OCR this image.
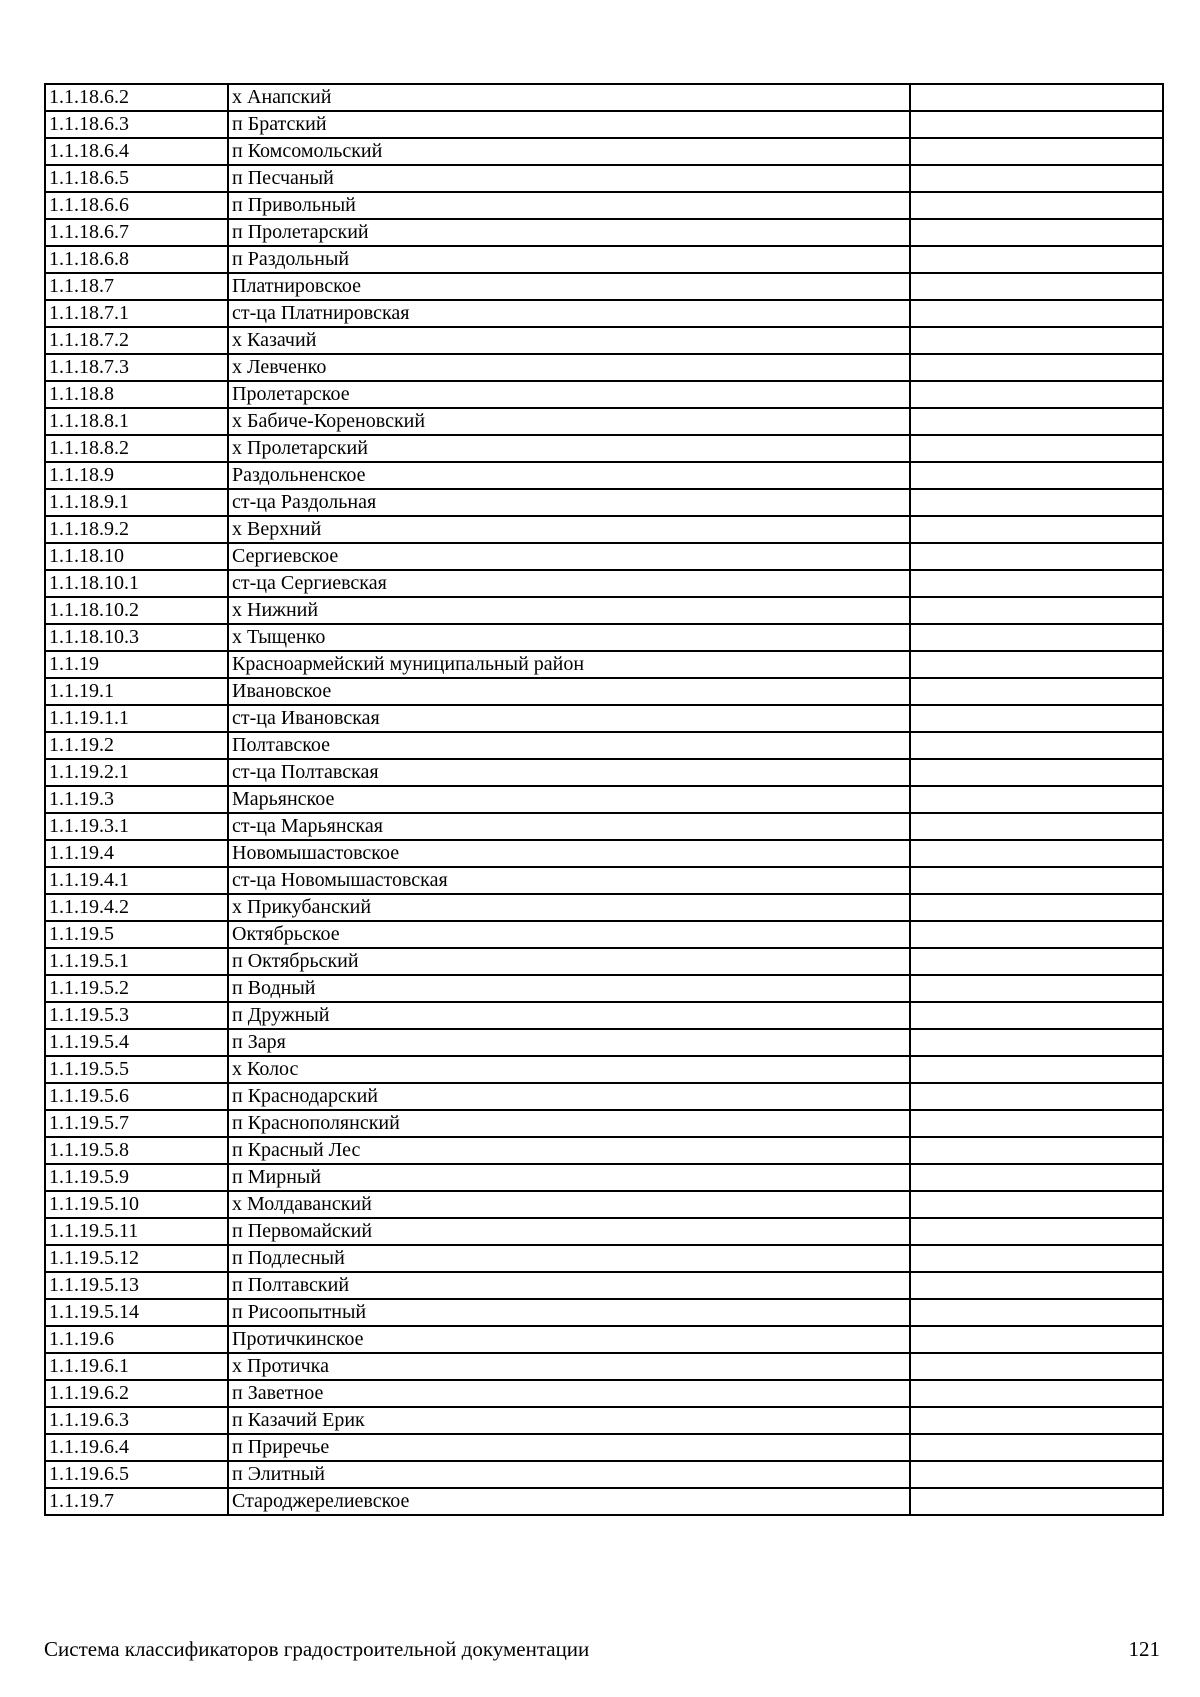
1.1.18.6.2	х Анапский	
1.1.18.6.3	п Братский	
1.1.18.6.4	п Комсомольский	
1.1.18.6.5	п Песчаный	
1.1.18.6.6	п Привольный	
1.1.18.6.7	п Пролетарский	
1.1.18.6.8	п Раздольный	
1.1.18.7	Платнировское	
1.1.18.7.1	ст-ца Платнировская	
1.1.18.7.2	х Казачий	
1.1.18.7.3	х Левченко	
1.1.18.8	Пролетарское	
1.1.18.8.1	х Бабиче-Кореновский	
1.1.18.8.2	х Пролетарский	
1.1.18.9	Раздольненское	
1.1.18.9.1	ст-ца Раздольная	
1.1.18.9.2	х Верхний	
1.1.18.10	Сергиевское	
1.1.18.10.1	ст-ца Сергиевская	
1.1.18.10.2	х Нижний	
1.1.18.10.3	х Тыщенко	
1.1.19	Красноармейский муниципальный район	
1.1.19.1	Ивановское	
1.1.19.1.1	ст-ца Ивановская	
1.1.19.2	Полтавское	
1.1.19.2.1	ст-ца Полтавская	
1.1.19.3	Марьянское	
1.1.19.3.1	ст-ца Марьянская	
1.1.19.4	Новомышастовское	
1.1.19.4.1	ст-ца Новомышастовская	
1.1.19.4.2	х Прикубанский	
1.1.19.5	Октябрьское	
1.1.19.5.1	п Октябрьский	
1.1.19.5.2	п Водный	
1.1.19.5.3	п Дружный	
1.1.19.5.4	п Заря	
1.1.19.5.5	х Колос	
1.1.19.5.6	п Краснодарский	
1.1.19.5.7	п Краснополянский	
1.1.19.5.8	п Красный Лес	
1.1.19.5.9	п Мирный	
1.1.19.5.10	х Молдаванский	
1.1.19.5.11	п Первомайский	
1.1.19.5.12	п Подлесный	
1.1.19.5.13	п Полтавский	
1.1.19.5.14	п Рисоопытный	
1.1.19.6	Протичкинское	
1.1.19.6.1	х Протичка	
1.1.19.6.2	п Заветное	
1.1.19.6.3	п Казачий Ерик	
1.1.19.6.4	п Приречье	
1.1.19.6.5	п Элитный	
1.1.19.7	Староджерелиевское	
Система классификаторов градостроительной документации	121
